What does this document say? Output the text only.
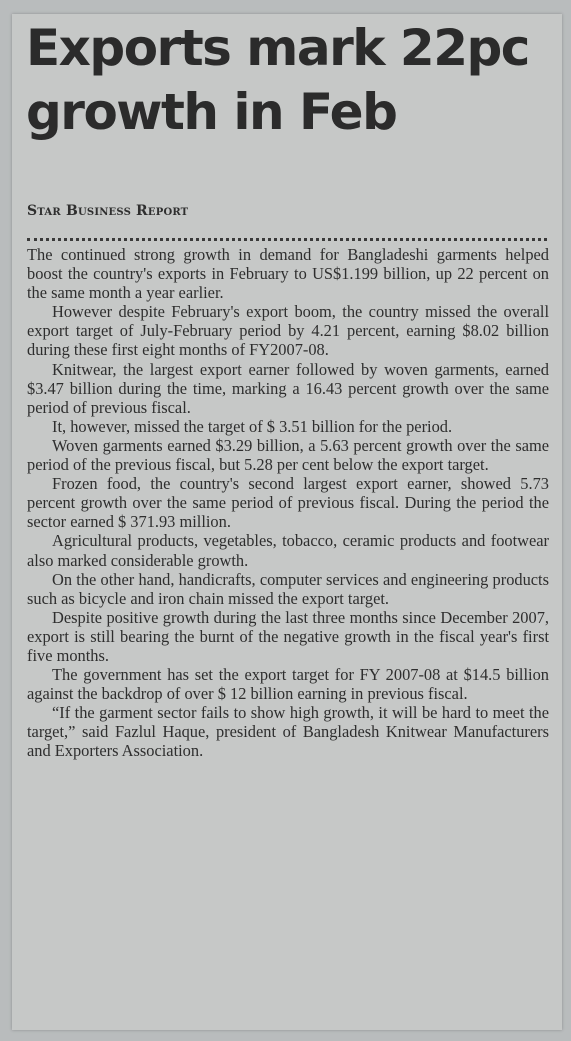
Exports mark 22pc
growth in Feb
Star Business Report

The continued strong growth in demand for Bangladeshi garments helped boost the country's exports in February to US$1.199 billion, up 22 percent on the same month a year earlier.

However despite February's export boom, the country missed the overall export target of July-February period by 4.21 percent, earning $8.02 billion during these first eight months of FY2007-08.

Knitwear, the largest export earner followed by woven garments, earned $3.47 billion during the time, marking a 16.43 percent growth over the same period of previous fiscal.

It, however, missed the target of $ 3.51 billion for the period.

Woven garments earned $3.29 billion, a 5.63 percent growth over the same period of the previous fiscal, but 5.28 per cent below the export target.

Frozen food, the country's second largest export earner, showed 5.73 percent growth over the same period of previous fiscal. During the period the sector earned $ 371.93 million.

Agricultural products, vegetables, tobacco, ceramic products and footwear also marked considerable growth.

On the other hand, handicrafts, computer services and engineering products such as bicycle and iron chain missed the export target.

Despite positive growth during the last three months since December 2007, export is still bearing the burnt of the negative growth in the fiscal year's first five months.

The government has set the export target for FY 2007-08 at $14.5 billion against the backdrop of over $ 12 billion earning in previous fiscal.

“If the garment sector fails to show high growth, it will be hard to meet the target,” said Fazlul Haque, president of Bangladesh Knitwear Manufacturers and Exporters Association.
